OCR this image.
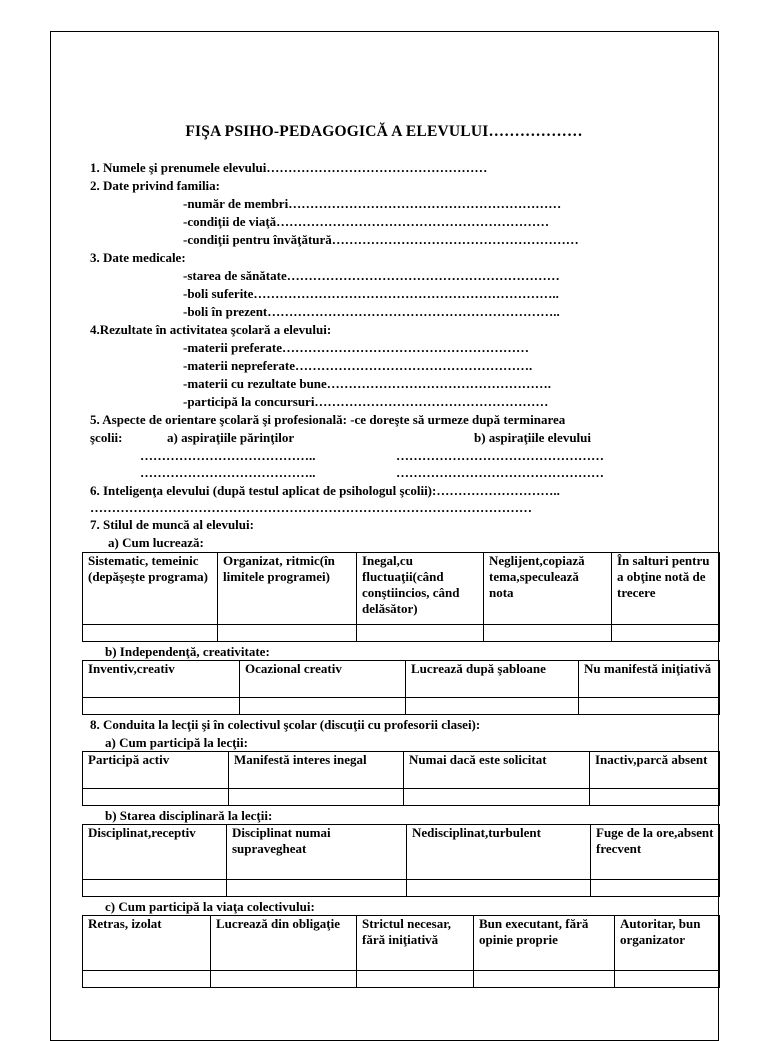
FIŞA PSIHO-PEDAGOGICĂ A ELEVULUI………………
1. Numele şi prenumele elevului……………………………………………
2. Date privind familia:
-număr de membri………………………………………………………
-condiţii de viaţă………………………………………………………
-condiţii pentru învăţătură…………………………………………………
3. Date medicale:
-starea de sănătate………………………………………………………
-boli suferite……………………………………………………………..
-boli în prezent…………………………………………………………..
4.Rezultate în activitatea şcolară a elevului:
-materii preferate…………………………………………………
-materii nepreferate……………………………………………….
-materii cu rezultate bune…………………………………………….
-participă la concursuri………………………………………………
5. Aspecte de orientare şcolară şi profesională: -ce doreşte să urmeze după terminarea
şcolii:	a) aspiraţiile părinţilor	b) aspiraţiile elevului
…………………………………..	…………………………………………
…………………………………..	…………………………………………
6. Inteligenţa elevului (după testul aplicat de psihologul şcolii):………………………..
…………………………………………………………………………………………
7. Stilul de muncă al elevului:
a) Cum lucrează:
Sistematic, temeinic (depăşeşte programa)	Organizat, ritmic(în limitele programei)	Inegal,cu fluctuaţii(când conştiincios, când delăsător)	Neglijent,copiază tema,speculează nota	În salturi pentru a obţine notă de trecere

b) Independenţă, creativitate:
Inventiv,creativ	Ocazional creativ	Lucrează după şabloane	Nu manifestă iniţiativă

8. Conduita la lecţii şi în colectivul şcolar (discuţii cu profesorii clasei):
a) Cum participă la lecţii:
Participă activ	Manifestă interes inegal	Numai dacă este solicitat	Inactiv,parcă absent

b) Starea disciplinară la lecţii:
Disciplinat,receptiv	Disciplinat numai supravegheat	Nedisciplinat,turbulent	Fuge de la ore,absent frecvent

c) Cum participă la viaţa colectivului:
Retras, izolat	Lucrează din obligaţie	Strictul necesar, fără iniţiativă	Bun executant, fără opinie proprie	Autoritar, bun organizator
